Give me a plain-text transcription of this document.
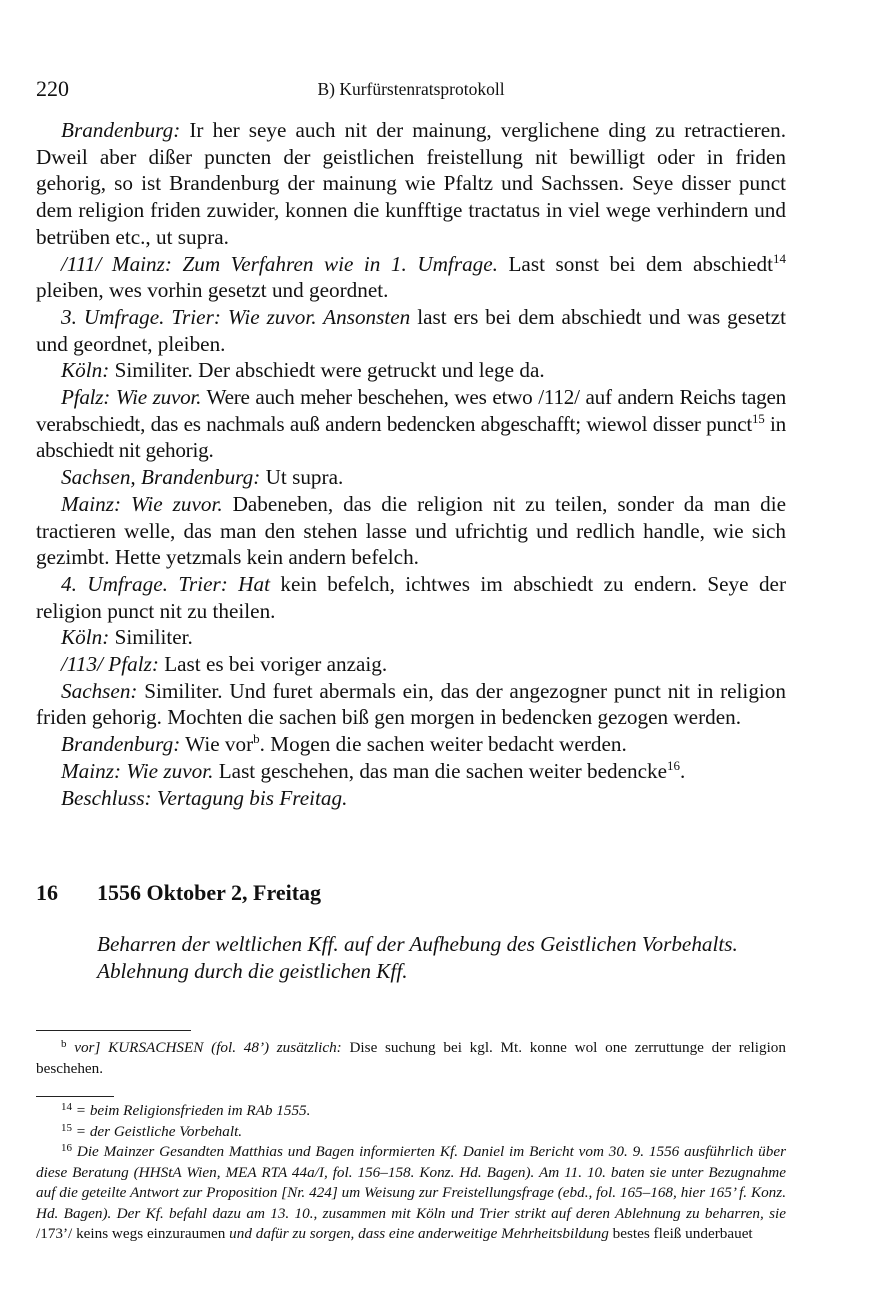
220	B) Kurfürstenratsprotokoll

Brandenburg: Ir her seye auch nit der mainung, verglichene ding zu retractieren. Dweil aber dißer puncten der geistlichen freistellung nit bewilligt oder in friden gehorig, so ist Brandenburg der mainung wie Pfaltz und Sachssen. Seye disser punct dem religion friden zuwider, konnen die kunfftige tractatus in viel wege verhindern und betrüben etc., ut supra.

/111/ Mainz: Zum Verfahren wie in 1. Umfrage. Last sonst bei dem abschiedt$^{14}$ pleiben, wes vorhin gesetzt und geordnet.

3. Umfrage. Trier: Wie zuvor. Ansonsten last ers bei dem abschiedt und was gesetzt und geordnet, pleiben.

Köln: Similiter. Der abschiedt were getruckt und lege da.

Pfalz: Wie zuvor. Were auch meher beschehen, wes etwo /112/ auf andern Reichs tagen verabschiedt, das es nachmals auß andern bedencken abgeschafft; wiewol disser punct$^{15}$ in abschiedt nit gehorig.

Sachsen, Brandenburg: Ut supra.

Mainz: Wie zuvor. Dabeneben, das die religion nit zu teilen, sonder da man die tractieren welle, das man den stehen lasse und ufrichtig und redlich handle, wie sich gezimbt. Hette yetzmals kein andern befelch.

4. Umfrage. Trier: Hat kein befelch, ichtwes im abschiedt zu endern. Seye der religion punct nit zu theilen.

Köln: Similiter.

/113/ Pfalz: Last es bei voriger anzaig.

Sachsen: Similiter. Und furet abermals ein, das der angezogner punct nit in religion friden gehorig. Mochten die sachen biß gen morgen in bedencken gezogen werden.

Brandenburg: Wie vor$^b$. Mogen die sachen weiter bedacht werden.

Mainz: Wie zuvor. Last geschehen, das man die sachen weiter bedencke$^{16}$.

Beschluss: Vertagung bis Freitag.

16 1556 Oktober 2, Freitag
Beharren der weltlichen Kff. auf der Aufhebung des Geistlichen Vorbehalts. Ablehnung durch die geistlichen Kff.

$^b$ vor] KURSACHSEN (fol. 48’) zusätzlich: Dise suchung bei kgl. Mt. konne wol one zerruttunge der religion beschehen.

$^{14}$ = beim Religionsfrieden im RAb 1555.

$^{15}$ = der Geistliche Vorbehalt.

$^{16}$ Die Mainzer Gesandten Matthias und Bagen informierten Kf. Daniel im Bericht vom 30. 9. 1556 ausführlich über diese Beratung (HHStA Wien, MEA RTA 44a/I, fol. 156–158. Konz. Hd. Bagen). Am 11. 10. baten sie unter Bezugnahme auf die geteilte Antwort zur Proposition [Nr. 424] um Weisung zur Freistellungsfrage (ebd., fol. 165–168, hier 165’ f. Konz. Hd. Bagen). Der Kf. befahl dazu am 13. 10., zusammen mit Köln und Trier strikt auf deren Ablehnung zu beharren, sie /173’/ keins wegs einzuraumen und dafür zu sorgen, dass eine anderweitige Mehrheitsbildung bestes fleiß underbauet
